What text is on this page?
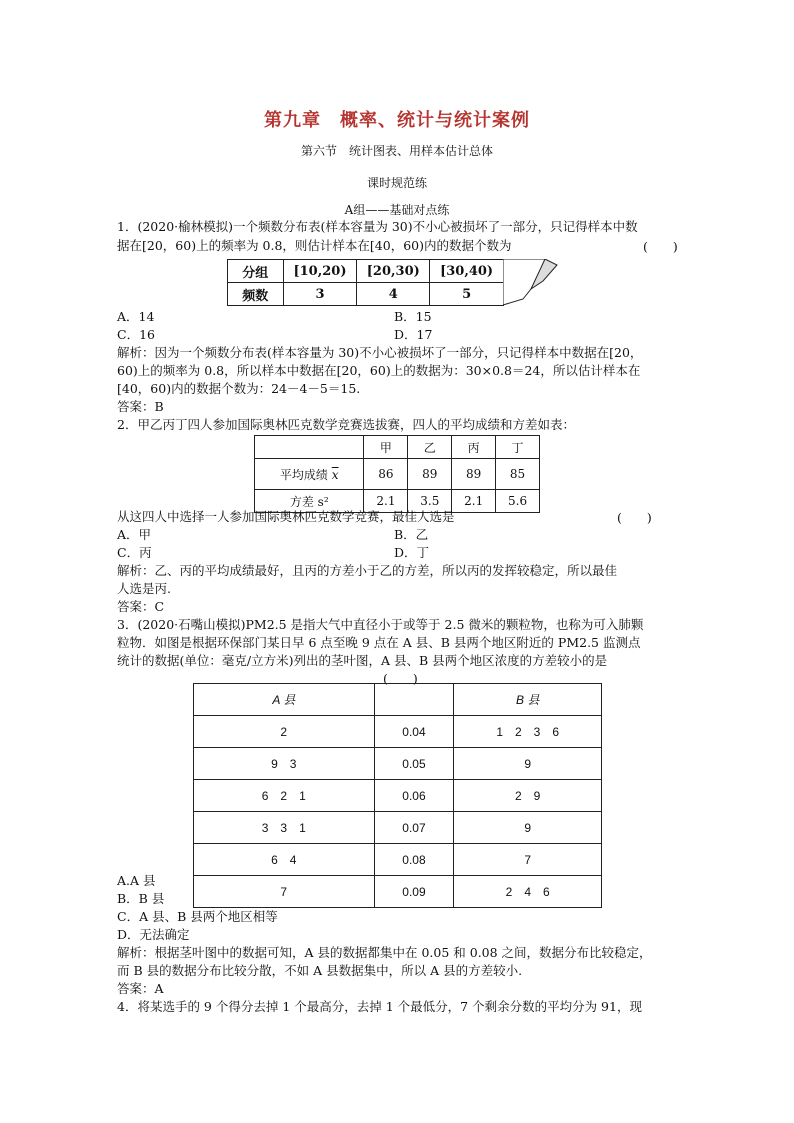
第九章　概率、统计与统计案例
第六节　统计图表、用样本估计总体
课时规范练
A组——基础对点练
1．(2020·榆林模拟)一个频数分布表(样本容量为 30)不小心被损坏了一部分，只记得样本中数
据在[20，60)上的频率为 0.8，则估计样本在[40，60)内的数据个数为	(　　)
分组	[10,20)	[20,30)	[30,40)
频数	3	4	5
A．14	B．15
C．16	D．17
解析：因为一个频数分布表(样本容量为 30)不小心被损坏了一部分，只记得样本中数据在[20，
60)上的频率为 0.8，所以样本中数据在[20，60)上的数据为：30×0.8＝24，所以估计样本在
[40，60)内的数据个数为：24－4－5＝15.
答案：B
2．甲乙丙丁四人参加国际奥林匹克数学竞赛选拔赛，四人的平均成绩和方差如表：
	甲	乙	丙	丁
平均成绩 $\overline{x}$	86	89	89	85
方差 s²	2.1	3.5	2.1	5.6
从这四人中选择一人参加国际奥林匹克数学竞赛，最佳人选是	(　　)
A．甲	B．乙
C．丙	D．丁
解析：乙、丙的平均成绩最好，且丙的方差小于乙的方差，所以丙的发挥较稳定，所以最佳
人选是丙.
答案：C
3．(2020·石嘴山模拟)PM2.5 是指大气中直径小于或等于 2.5 微米的颗粒物，也称为可入肺颗
粒物．如图是根据环保部门某日早 6 点至晚 9 点在 A 县、B 县两个地区附近的 PM2.5 监测点
统计的数据(单位：毫克/立方米)列出的茎叶图，A 县、B 县两个地区浓度的方差较小的是
(　　)
A 县		B 县
2	0.04	1　2　3　6
9　3	0.05	9
6　2　1	0.06	2　9
3　3　1	0.07	9
6　4	0.08	7
7	0.09	2　4　6
A.A 县
B．B 县
C．A 县、B 县两个地区相等
D．无法确定
解析：根据茎叶图中的数据可知，A 县的数据都集中在 0.05 和 0.08 之间，数据分布比较稳定，
而 B 县的数据分布比较分散，不如 A 县数据集中，所以 A 县的方差较小.
答案：A
4．将某选手的 9 个得分去掉 1 个最高分，去掉 1 个最低分，7 个剩余分数的平均分为 91，现
